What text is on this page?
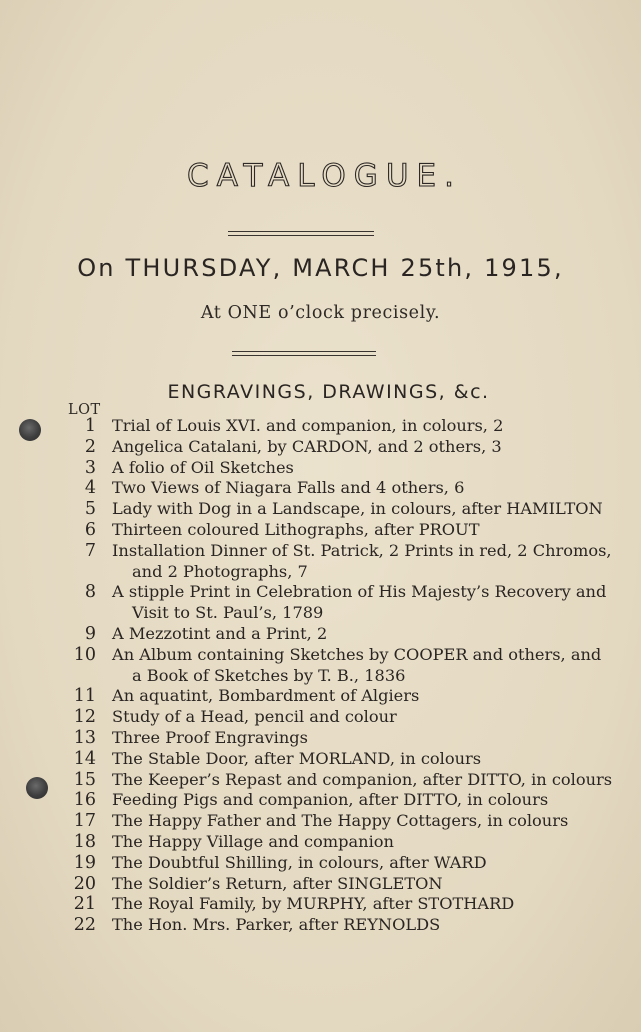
CATALOGUE.
On THURSDAY, MARCH 25th, 1915,
At ONE o’clock precisely.
ENGRAVINGS, DRAWINGS, &c.
LOT
1 Trial of Louis XVI. and companion, in colours, 2
2 Angelica Catalani, by CARDON, and 2 others, 3
3 A folio of Oil Sketches
4 Two Views of Niagara Falls and 4 others, 6
5 Lady with Dog in a Landscape, in colours, after HAMILTON
6 Thirteen coloured Lithographs, after PROUT
7 Installation Dinner of St. Patrick, 2 Prints in red, 2 Chromos,
and 2 Photographs, 7
8 A stipple Print in Celebration of His Majesty’s Recovery and
Visit to St. Paul’s, 1789
9 A Mezzotint and a Print, 2
10 An Album containing Sketches by COOPER and others, and
a Book of Sketches by T. B., 1836
11 An aquatint, Bombardment of Algiers
12 Study of a Head, pencil and colour
13 Three Proof Engravings
14 The Stable Door, after MORLAND, in colours
15 The Keeper’s Repast and companion, after DITTO, in colours
16 Feeding Pigs and companion, after DITTO, in colours
17 The Happy Father and The Happy Cottagers, in colours
18 The Happy Village and companion
19 The Doubtful Shilling, in colours, after WARD
20 The Soldier’s Return, after SINGLETON
21 The Royal Family, by MURPHY, after STOTHARD
22 The Hon. Mrs. Parker, after REYNOLDS
